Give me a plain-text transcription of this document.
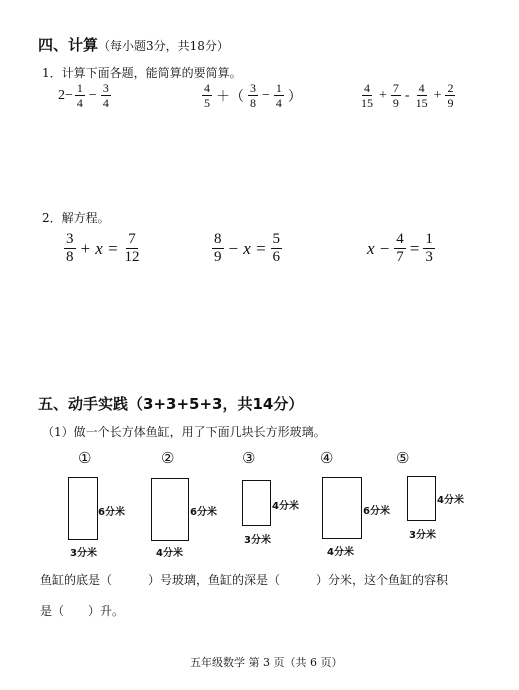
四、计算（每小题3分，共18分）
1．计算下面各题，能简算的要简算。
$2- \frac{1}{4} - \frac{3}{4}$	$\frac{4}{5}$ ＋（ $\frac{3}{8} - \frac{1}{4}$ ）	$\frac{4}{15} + \frac{7}{9} - \frac{4}{15} + \frac{2}{9}$
2．解方程。
$\frac{3}{8} + x = \frac{7}{12}$	$\frac{8}{9} - x = \frac{5}{6}$	$x - \frac{4}{7} = \frac{1}{3}$
五、动手实践（3+3+5+3，共14分）
（1）做一个长方体鱼缸，用了下面几块长方形玻璃。
①
6分米
3分米
②
6分米
4分米
③
4分米
3分米
④
6分米
4分米
⑤
4分米
3分米
鱼缸的底是（　　　）号玻璃，鱼缸的深是（　　　）分米，这个鱼缸的容积
是（　　）升。
五年级数学 第 3 页（共 6 页）
